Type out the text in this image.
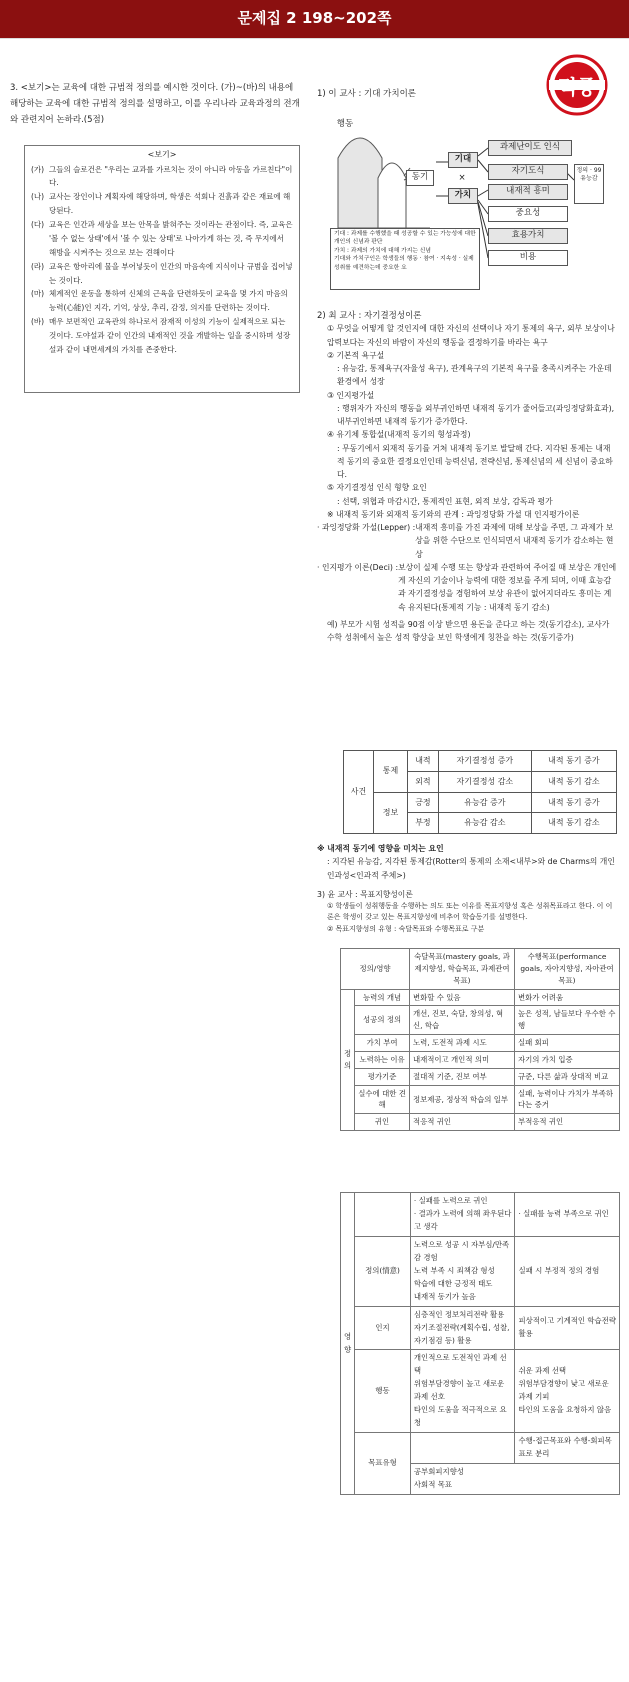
문제집 2 198~202쪽
적중
3. <보기>는 교육에 대한 규범적 정의를 예시한 것이다. (가)~(바)의 내용에 해당하는 교육에 대한 규범적 정의를 설명하고, 이를 우리나라 교육과정의 전개와 관련지어 논하라.(5점)
<보기>
(가) 그들의 슬로건은 "우리는 교과를 가르치는 것이 아니라 아동을 가르친다"이다.
(나) 교사는 장인이나 계획자에 해당하며, 학생은 석회나 진흙과 같은 재료에 해당된다.
(다) 교육은 인간과 세상을 보는 안목을 밝혀주는 것이라는 관점이다. 즉, 교육은 '볼 수 없는 상태'에서 '볼 수 있는 상태'로 나아가게 하는 것, 즉 무지에서 해방을 시켜주는 것으로 보는 견해이다
(라) 교육은 항아리에 물을 부어넣듯이 인간의 마음속에 지식이나 규범을 집어넣는 것이다.
(마) 체계적인 운동을 통하여 신체의 근육을 단련하듯이 교육을 몇 가지 마음의 능력(心能)인 지각, 기억, 상상, 추리, 감정, 의지를 단련하는 것이다.
(바) 매우 보편적인 교육관의 하나로서 잠재적 이성의 기능이 실제적으로 되는 것이다. 도야설과 같이 인간의 내재적인 것을 개발하는 일을 중시하며 성장설과 같이 내면세계의 가치를 존중한다.
1) 이 교사 : 기대 가치이론
행동
동기
기대
×
가치
과제난이도 인식
자기도식
내재적 흥미
중요성
효용가치
비용
정의 · 99 유능감
기대 : 과제를 수행했을 때 성공할 수 있는 가능성에 대한 개인의 신념과 판단
가치 : 과제의 가치에 대해 가지는 신념
기대와 가치구인은 학생들의 행동 · 참여 · 지속성 · 실제 성취를 예견하는데 중요한 요
2) 최 교사 : 자기결정성이론
① 무엇을 어떻게 할 것인지에 대한 자신의 선택이나 자기 통제의 욕구, 외부 보상이나 압력보다는 자신의 바람이 자신의 행동을 결정하기를 바라는 욕구
② 기본적 욕구설
: 유능감, 통제욕구(자율성 욕구), 관계욕구의 기본적 욕구를 충족시켜주는 가운데 환경에서 성장
③ 인지평가설
: 행위자가 자신의 행동을 외부귀인하면 내재적 동기가 줄어들고(과잉정당화효과), 내부귀인하면 내재적 동기가 증가한다.
④ 유기체 통합설(내재적 동기의 형성과정)
: 무동기에서 외재적 동기를 거쳐 내재적 동기로 발달해 간다. 지각된 통제는 내재적 동기의 중요한 결정요인인데 능력신념, 전략신념, 통제신념의 세 신념이 중요하다.
⑤ 자기결정성 인식 형향 요인
: 선택, 위협과 마감시간, 통제적인 표현, 외적 보상, 감독과 평가
※ 내재적 동기와 외재적 동기와의 관계 : 과잉정당화 가설 대 인지평가이론
· 과잉정당화 가설(Lepper) : 내재적 흥미를 가진 과제에 대해 보상을 주면, 그 과제가 보상을 위한 수단으로 인식되면서 내재적 동기가 감소하는 현상
· 인지평가 이론(Deci) : 보상이 실제 수행 또는 향상과 관련하여 주어질 때 보상은 개인에게 자신의 기술이나 능력에 대한 정보를 주게 되며, 이때 효능감과 자기결정성을 경험하여 보상 유관이 없어지더라도 흥미는 계속 유지된다(통제적 기능 : 내재적 동기 감소)
예) 부모가 시험 성적을 90점 이상 받으면 용돈을 준다고 하는 것(동기감소), 교사가 수학 성취에서 높은 성적 향상을 보인 학생에게 칭찬을 하는 것(동기증가)
사건	통제	내적	자기결정성 증가	내적 동기 증가
		외적	자기결정성 감소	내적 동기 감소
	정보	긍정	유능감 증가	내적 동기 증가
		부정	유능감 감소	내적 동기 감소
※ 내재적 동기에 영향을 미치는 요인
: 지각된 유능감, 지각된 통제감(Rotter의 통제의 소재<내부>와 de Charms의 개인 인과성<인과적 주체>)
3) 윤 교사 : 목표지향성이론
① 학생들이 성취행동을 수행하는 의도 또는 이유를 목표지향성 혹은 성취목표라고 한다. 이 이론은 학생이 갖고 있는 목표지향성에 비추어 학습동기를 설명한다.
② 목표지향성의 유형 : 숙달목표와 수행목표로 구분
정의/영향		숙달목표(mastery goals, 과제지향성, 학습목표, 과제관여목표)	수행목표(performance goals, 자아지향성, 자아관여목표)
정의	능력의 개념	변화할 수 있음	변화가 어려움
	성공의 정의	개선, 진보, 숙달, 창의성, 혁신, 학습	높은 성적, 남들보다 우수한 수행
	가치 부여	노력, 도전적 과제 시도	실패 회피
	노력하는 이유	내재적이고 개인적 의미	자기의 가치 입증
	평가기준	절대적 기준, 진보 여부	규준, 다른 삶과 상대적 비교
	실수에 대한 견해	정보제공, 정상적 학습의 일부	실패, 능력이나 가치가 부족하다는 증거
	귀인	적응적 귀인	부적응적 귀인
영향		· 실패를 노력으로 귀인
· 결과가 노력에 의해 좌우된다고 생각	· 실패를 능력 부족으로 귀인
	정의(情意)	노력으로 성공 시 자부심/만족감 경험
노력 부족 시 죄책감 형성
학습에 대한 긍정적 태도
내재적 동기가 높음	실패 시 부정적 정의 경험
	인지	심층적인 정보처리전략 활용
자기조절전략(계획수립, 성찰, 자기점검 등) 활용	피상적이고 기계적인 학습전략 활용
	행동	개인적으로 도전적인 과제 선택
위험부담경향이 높고 새로운 과제 선호
타인의 도움을 적극적으로 요청	쉬운 과제 선택
위험부담경향이 낮고 새로운 과제 기피
타인의 도움을 요청하지 않음
	목표유형		수행-접근목표와 수행-회피목표로 분리
		공부회피지향성
사회적 목표	
